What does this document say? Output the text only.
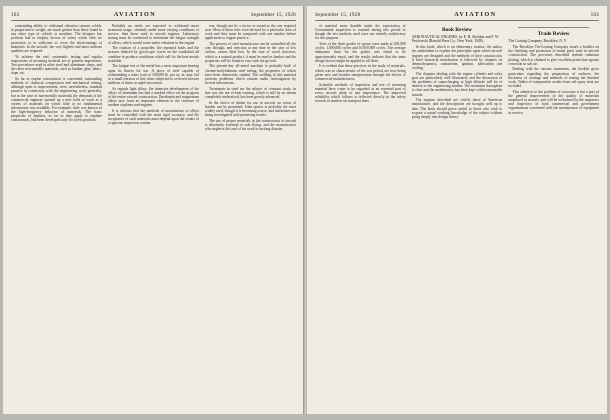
102	AVIATION	September 15, 1928

outstanding ability to withstand vibration stresses which, in proportion to weight, are much greater than those found in any other type of vehicle or machine. The designer has portions had to employ factors of safety which offer no protection or to sufficient to cover the shortcomings of materials. In the aircraft, the very highest and most uniform qualities are required.

To achieve the end, systematic testing and regular inspections of incoming material are of greatest importance. Test procedures used in other steel and aluminum shops, and the other non-metallic materials, such as lumber, glue, fabric, dope, etc.

So far as engine construction is concerned, outstanding methods of chemical composition and mechanical testing, although open to improvement, were, nevertheless, standard practice in connection with the engineering work generally, but in the case of non-metallic materials the demands of the commercial engineer opened up a new field of work as a variety of materials on which little or no fundamental information was available. For example, little was known of the high-frequency behavior of materials. The basic properties of lumbers, as far as they apply to airplane construction, had been developed only for forest products.

Probably no steels are expected to withstand more strenuous usage, certainly under more varying conditions of service, than those used in aircraft engines. Laboratory testing must be conducted to determine the fatigue strength of alloys, which would come under vibration in the engine.

The rotation of a propeller, the repeated loads and the stresses induced by gyroscopic forces on the crankshaft all combine to produce conditions which call for the best metals available.

The fatigue test of the metal has a most important bearing upon its fitness for use. A piece of steel capable of withstanding a static load of 100,000 lb. per sq. in. may fail at a small fraction of this when subjected to reversed stresses millions of times in rapid succession.

As regards light alloys, the intensive development of the alloys of aluminum has had a marked effect on the progress of the entire aircraft construction. Duralumin and magnesium alloys now form an important element in the structure of modern airplanes and engines.

It is obvious that the methods of manufacture of alloys must be controlled with the most rigid accuracy, and the acceptance of such materials must depend upon the results of a rigorous inspection routine.

war, though not by a factor as sound as the one required now. Most of these tests were devised for a particular class of work and they must be compared with one another before application to engine practice.

The process of steel manufacture can be controlled all the way through, and rejection at any time in the case of low carbon, causes little loss. In the case of wood, however, which is a natural product, it must be used as lumber and the properties will be found to vary with the growth.

The present-day all-metal machine is probably built of chrome-molybdenum steel tubing, the properties of which have been intensively studied. The welding of this material presents problems which remain under investigation by several laboratories.

Treatments in steel are the subject of constant study; in this way the use of heat treating, which is still by no means completely understood, has been greatly advanced.

In the choice of timber for use in aircraft, no waste of lumber can be permitted. Sitka spruce is probably the most widely used, though it is becoming scarce, and substitutes are being investigated with promising results.

The use of proper materials in the construction of aircraft is absolutely essential to safe flying, and the manufacturer who neglects this end of his work is inviting disaster.

September 15, 1928	AVIATION	103

of material more durable under the expectation of Government inspection is counted during this period as though the test methods used were not entirely satisfactory for this purpose.

Tests of the three grades of spruce were made at 100,000 cycles, 1,000,000 cycles and 10,000,000 cycles. The average endurance limit for the grades was found to be approximately equal, and the results indicate that the same design factors might be applied to all three.

It is evident that these practices in the study of materials, which was so characteristic of the war period, are now being given new and broader interpretation through the efforts of commercial manufacturers.

Scientific methods of inspection and test of incoming material have come to be regarded as an essential part of every aircraft plant of any importance. The improved reliability which follows is reflected directly in the safety records of modern air transport lines.

Book Review
AERONAUTICAL ENGINES, by E. H. Sheldon and F. W. Pawlowski (Ronald Press Co., New York, 1928).

In this book, which is an elementary treatise, the author has undertaken to explain the principles upon which aircraft engines are designed and the methods of their construction. A brief historical introduction is followed by chapters on thermodynamics, carburetion, ignition, lubrication and cooling.

The chapters dealing with the engine cylinder and valve gear are particularly well illustrated, and the discussion of the problems of supercharging at high altitude will be of interest to the engineering student. The treatment throughout is clear and the mathematics has been kept within reasonable bounds.

The engines described are chiefly those of American manufacture, and the descriptions are brought well up to date. The book should prove useful to those who wish to acquire a sound working knowledge of the subject without going deeply into design theory.

Trade Review
The Coating Company, Brooklyn, N. Y.

The Brooklyn Tin-Coating Company issues a booklet on the finishing and protection of metal parts used in aircraft construction. The processes described include cadmium plating, which is claimed to give excellent protection against corrosion in salt air.

Dealing with the various treatments, the booklet gives particulars regarding the preparation of surfaces, the thickness of coatings and methods of testing the finished work. Tables of comparative results from salt spray tests are included.

This attention to the problem of corrosion is but a part of the general improvement in the quality of materials employed in aircraft, and will be welcomed by the engineers and inspectors of both commercial and government organizations concerned with the maintenance of equipment in service.
